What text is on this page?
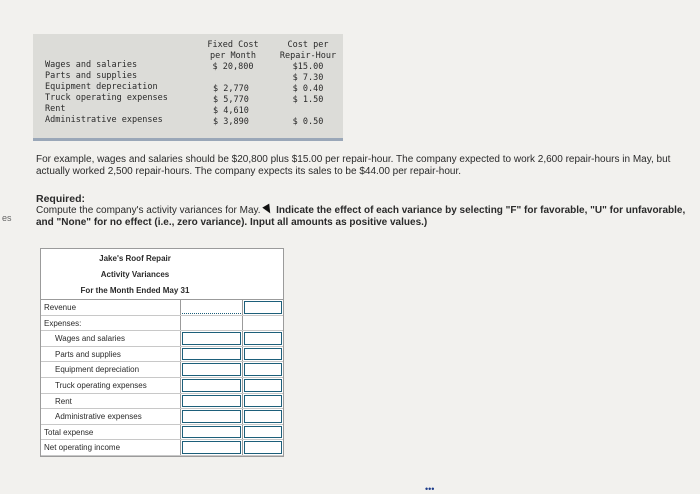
es
Fixed Cost
per Month
$ 20,800
$ 2,770
$ 5,770
$ 4,610
$ 3,890
Cost per
Repair-Hour
$15.00
$ 7.30
$ 0.40
$ 1.50
$ 0.50
Wages and salaries
Parts and supplies
Equipment depreciation
Truck operating expenses
Rent
Administrative expenses
For example, wages and salaries should be $20,800 plus $15.00 per repair-hour. The company expected to work 2,600 repair-hours in May, but actually worked 2,500 repair-hours. The company expects its sales to be $44.00 per repair-hour.
Required:
Compute the company's activity variances for May. Indicate the effect of each variance by selecting "F" for favorable, "U" for unfavorable, and "None" for no effect (i.e., zero variance). Input all amounts as positive values.)
Jake's Roof Repair
Activity Variances
For the Month Ended May 31
Revenue
Expenses:
Wages and salaries
Parts and supplies
Equipment depreciation
Truck operating expenses
Rent
Administrative expenses
Total expense
Net operating income
•••
